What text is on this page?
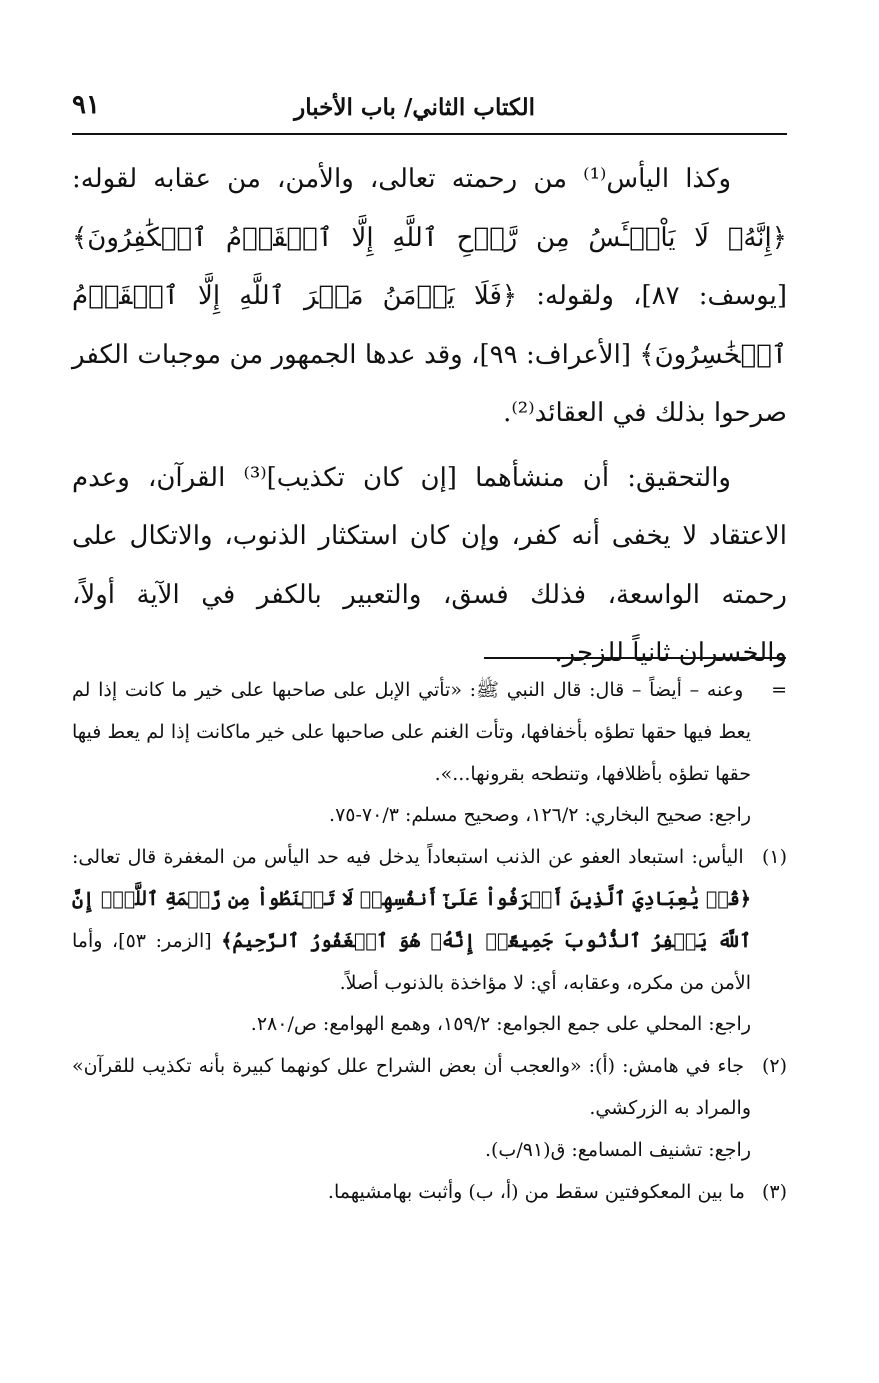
الكتاب الثاني/ باب الأخبار
٩١

وكذا اليأس⁽¹⁾ من رحمته تعالى، والأمن، من عقابه لقوله: ﴿إِنَّهُۥ لَا يَاْيۡـَٔسُ مِن رَّوۡحِ ٱللَّهِ إِلَّا ٱلۡقَوۡمُ ٱلۡكَٰفِرُونَ﴾ [يوسف: ٨٧]، ولقوله: ﴿فَلَا يَأۡمَنُ مَكۡرَ ٱللَّهِ إِلَّا ٱلۡقَوۡمُ ٱلۡخَٰسِرُونَ﴾ [الأعراف: ٩٩]، وقد عدها الجمهور من موجبات الكفر صرحوا بذلك في العقائد⁽²⁾.

والتحقيق: أن منشأهما [إن كان تكذيب]⁽³⁾ القرآن، وعدم الاعتقاد لا يخفى أنه كفر، وإن كان استكثار الذنوب، والاتكال على رحمته الواسعة، فذلك فسق، والتعبير بالكفر في الآية أولاً، والخسران ثانياً للزجر.

= وعنه – أيضاً – قال: قال النبي ﷺ: «تأتي الإبل على صاحبها على خير ما كانت إذا لم يعط فيها حقها تطؤه بأخفافها، وتأت الغنم على صاحبها على خير ماكانت إذا لم يعط فيها حقها تطؤه بأظلافها، وتنطحه بقرونها...».

راجع: صحيح البخاري: ١٢٦/٢، وصحيح مسلم: ٧٠/٣-٧٥.

(١) اليأس: استبعاد العفو عن الذنب استبعاداً يدخل فيه حد اليأس من المغفرة قال تعالى: ﴿قُلۡ يَٰعِبَادِيَ ٱلَّذِينَ أَسۡرَفُواْ عَلَىٰٓ أَنفُسِهِمۡ لَا تَقۡنَطُواْ مِن رَّحۡمَةِ ٱللَّهِۚ إِنَّ ٱللَّهَ يَغۡفِرُ ٱلذُّنُوبَ جَمِيعًاۚ إِنَّهُۥ هُوَ ٱلۡغَفُورُ ٱلرَّحِيمُ﴾ [الزمر: ٥٣]، وأما الأمن من مكره، وعقابه، أي: لا مؤاخذة بالذنوب أصلاً.

راجع: المحلي على جمع الجوامع: ١٥٩/٢، وهمع الهوامع: ص/٢٨٠.

(٢) جاء في هامش: (أ): «والعجب أن بعض الشراح علل كونهما كبيرة بأنه تكذيب للقرآن» والمراد به الزركشي.

راجع: تشنيف المسامع: ق(٩١/ب).

(٣) ما بين المعكوفتين سقط من (أ، ب) وأثبت بهامشيهما.
